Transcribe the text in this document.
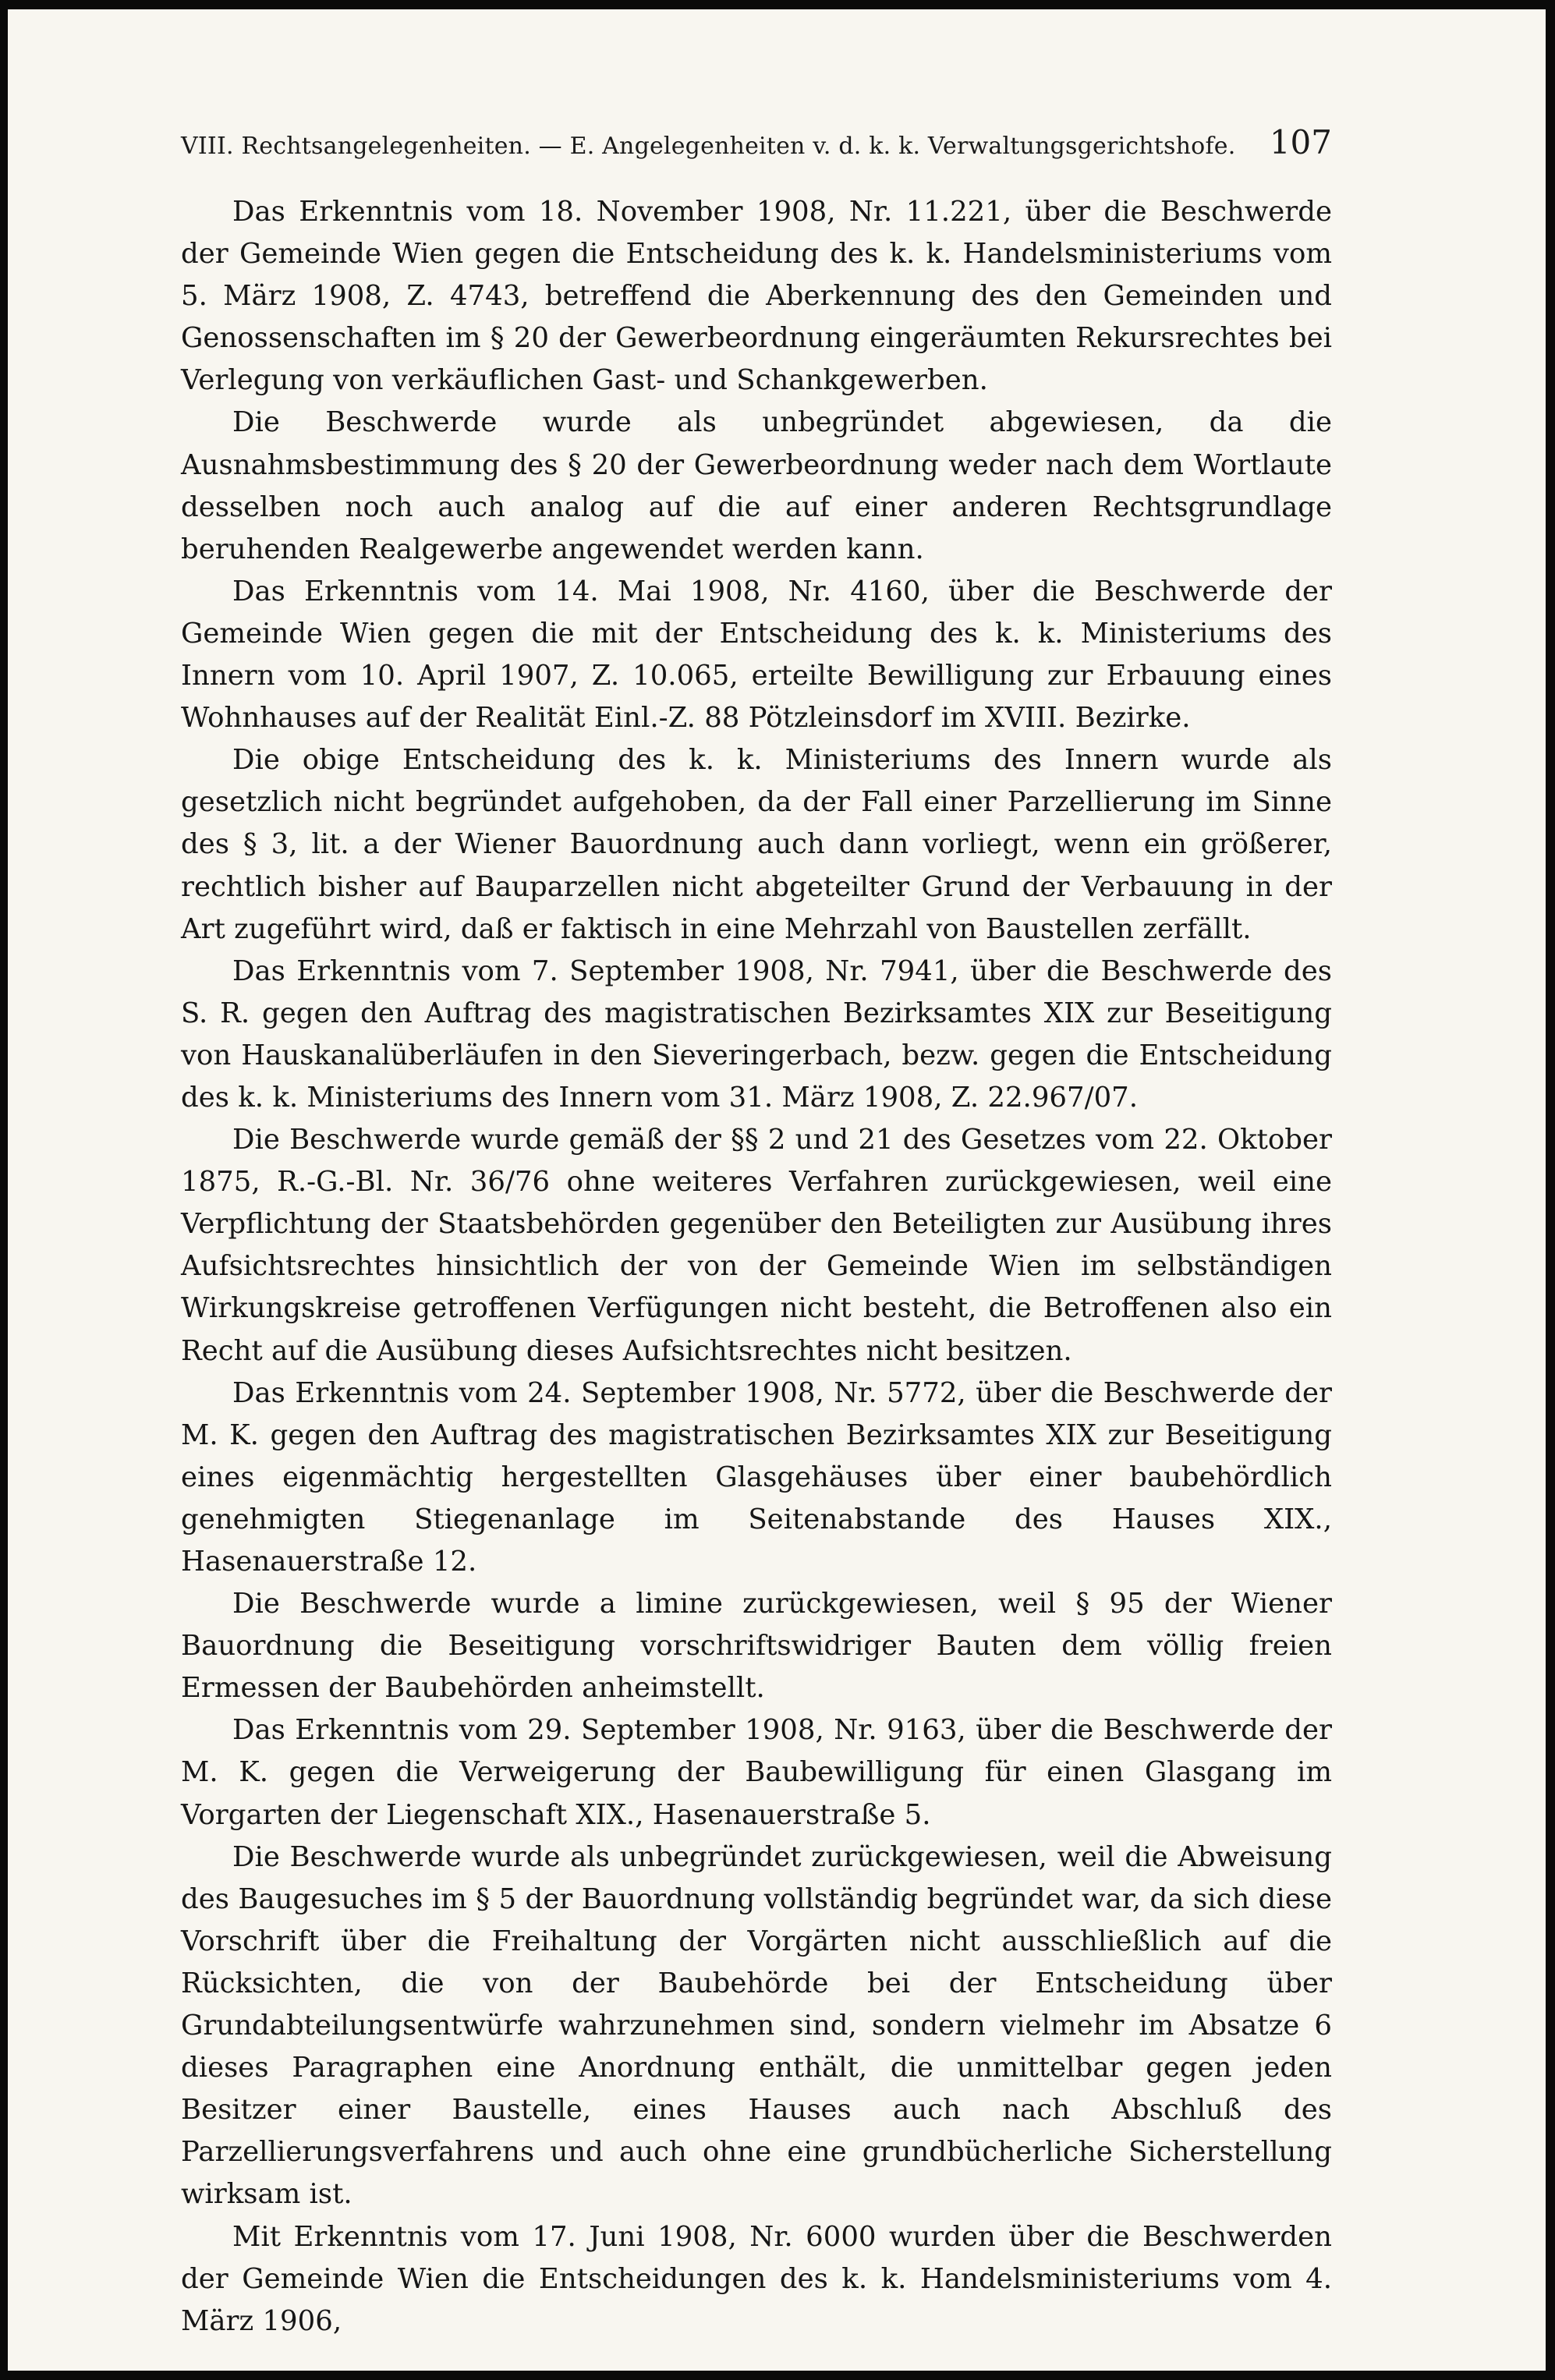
VIII. Rechtsangelegenheiten. — E. Angelegenheiten v. d. k. k. Verwaltungsgerichtshofe. 107

Das Erkenntnis vom 18. November 1908, Nr. 11.221, über die Beschwerde der Gemeinde Wien gegen die Entscheidung des k. k. Handelsministeriums vom 5. März 1908, Z. 4743, betreffend die Aberkennung des den Gemeinden und Genossenschaften im § 20 der Gewerbeordnung eingeräumten Rekursrechtes bei Verlegung von verkäuflichen Gast- und Schankgewerben.

Die Beschwerde wurde als unbegründet abgewiesen, da die Ausnahmsbestimmung des § 20 der Gewerbeordnung weder nach dem Wortlaute desselben noch auch analog auf die auf einer anderen Rechtsgrundlage beruhenden Realgewerbe angewendet werden kann.

Das Erkenntnis vom 14. Mai 1908, Nr. 4160, über die Beschwerde der Gemeinde Wien gegen die mit der Entscheidung des k. k. Ministeriums des Innern vom 10. April 1907, Z. 10.065, erteilte Bewilligung zur Erbauung eines Wohnhauses auf der Realität Einl.-Z. 88 Pötzleinsdorf im XVIII. Bezirke.

Die obige Entscheidung des k. k. Ministeriums des Innern wurde als gesetzlich nicht begründet aufgehoben, da der Fall einer Parzellierung im Sinne des § 3, lit. a der Wiener Bauordnung auch dann vorliegt, wenn ein größerer, rechtlich bisher auf Bauparzellen nicht abgeteilter Grund der Verbauung in der Art zugeführt wird, daß er faktisch in eine Mehrzahl von Baustellen zerfällt.

Das Erkenntnis vom 7. September 1908, Nr. 7941, über die Beschwerde des S. R. gegen den Auftrag des magistratischen Bezirksamtes XIX zur Beseitigung von Hauskanalüberläufen in den Sieveringerbach, bezw. gegen die Entscheidung des k. k. Ministeriums des Innern vom 31. März 1908, Z. 22.967/07.

Die Beschwerde wurde gemäß der §§ 2 und 21 des Gesetzes vom 22. Oktober 1875, R.-G.-Bl. Nr. 36/76 ohne weiteres Verfahren zurückgewiesen, weil eine Verpflichtung der Staatsbehörden gegenüber den Beteiligten zur Ausübung ihres Aufsichtsrechtes hinsichtlich der von der Gemeinde Wien im selbständigen Wirkungskreise getroffenen Verfügungen nicht besteht, die Betroffenen also ein Recht auf die Ausübung dieses Aufsichtsrechtes nicht besitzen.

Das Erkenntnis vom 24. September 1908, Nr. 5772, über die Beschwerde der M. K. gegen den Auftrag des magistratischen Bezirksamtes XIX zur Beseitigung eines eigenmächtig hergestellten Glasgehäuses über einer baubehördlich genehmigten Stiegenanlage im Seitenabstande des Hauses XIX., Hasenauerstraße 12.

Die Beschwerde wurde a limine zurückgewiesen, weil § 95 der Wiener Bauordnung die Beseitigung vorschriftswidriger Bauten dem völlig freien Ermessen der Baubehörden anheimstellt.

Das Erkenntnis vom 29. September 1908, Nr. 9163, über die Beschwerde der M. K. gegen die Verweigerung der Baubewilligung für einen Glasgang im Vorgarten der Liegenschaft XIX., Hasenauerstraße 5.

Die Beschwerde wurde als unbegründet zurückgewiesen, weil die Abweisung des Baugesuches im § 5 der Bauordnung vollständig begründet war, da sich diese Vorschrift über die Freihaltung der Vorgärten nicht ausschließlich auf die Rücksichten, die von der Baubehörde bei der Entscheidung über Grundabteilungsentwürfe wahrzunehmen sind, sondern vielmehr im Absatze 6 dieses Paragraphen eine Anordnung enthält, die unmittelbar gegen jeden Besitzer einer Baustelle, eines Hauses auch nach Abschluß des Parzellierungsverfahrens und auch ohne eine grundbücherliche Sicherstellung wirksam ist.

Mit Erkenntnis vom 17. Juni 1908, Nr. 6000 wurden über die Beschwerden der Gemeinde Wien die Entscheidungen des k. k. Handelsministeriums vom 4. März 1906,
